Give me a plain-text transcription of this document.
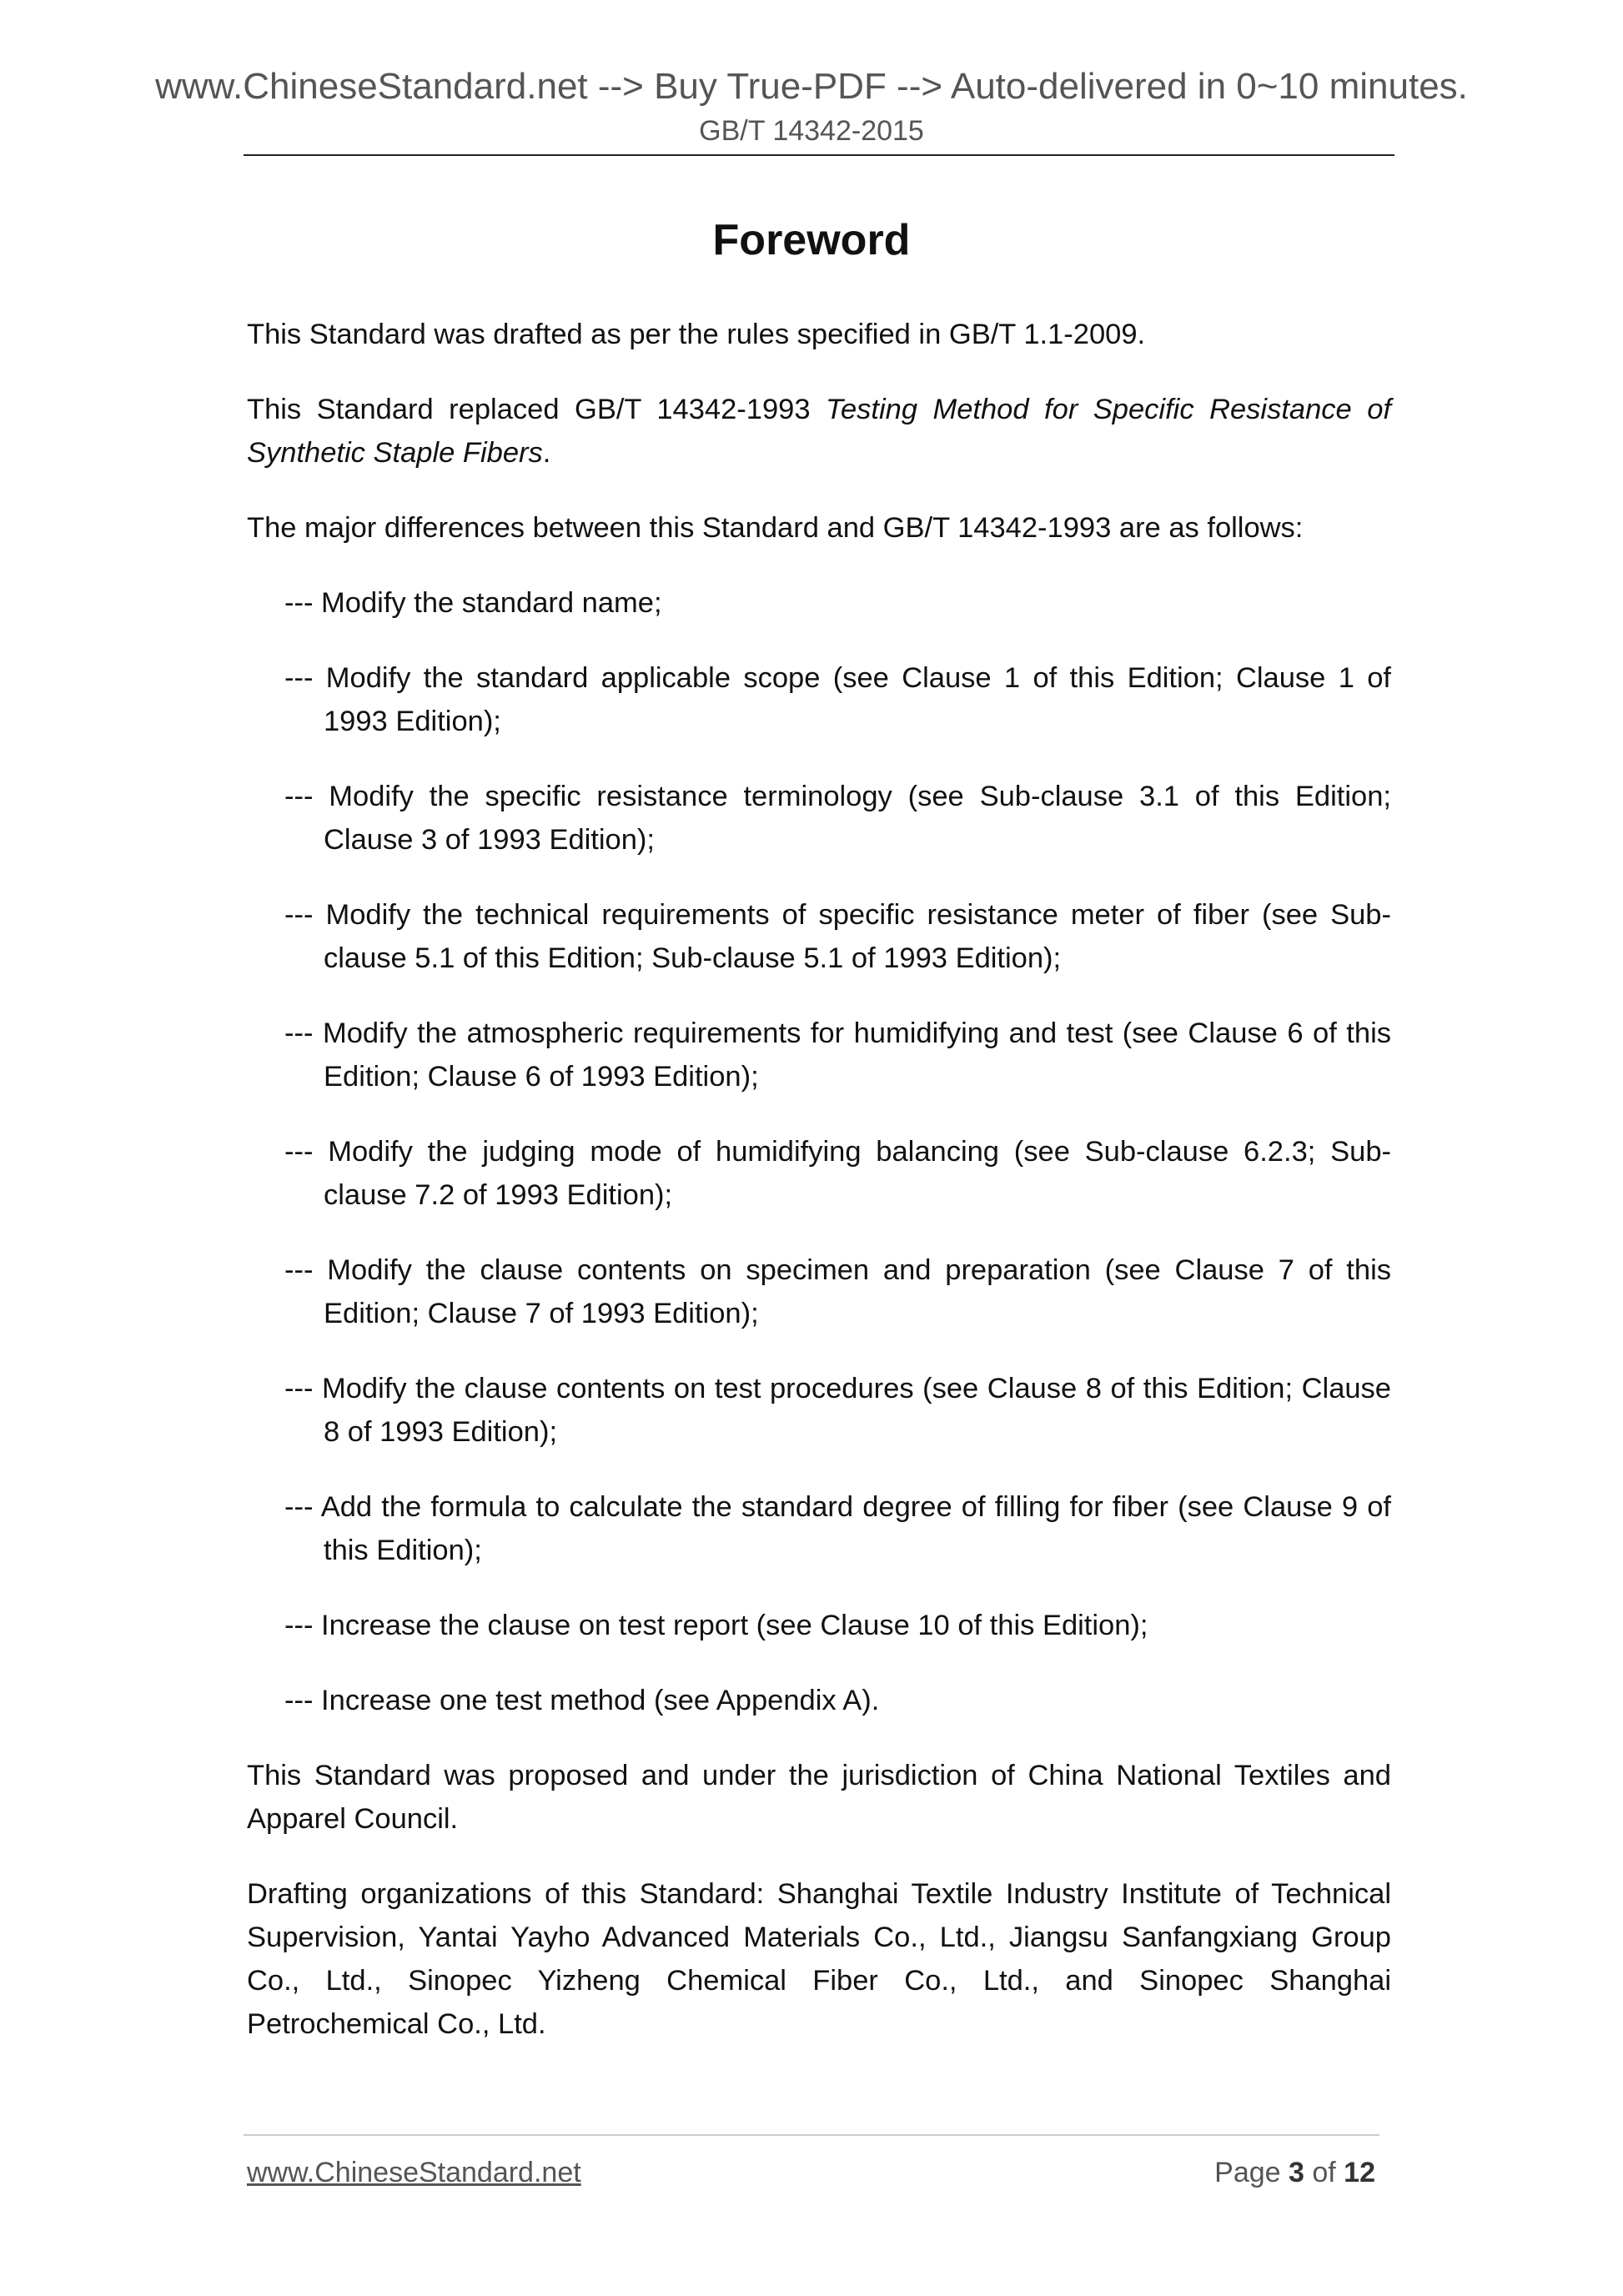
www.ChineseStandard.net --> Buy True-PDF --> Auto-delivered in 0~10 minutes.
GB/T 14342-2015
Foreword

This Standard was drafted as per the rules specified in GB/T 1.1-2009.

This Standard replaced GB/T 14342-1993 Testing Method for Specific Resistance of Synthetic Staple Fibers.

The major differences between this Standard and GB/T 14342-1993 are as follows:

--- Modify the standard name;
--- Modify the standard applicable scope (see Clause 1 of this Edition; Clause 1 of 1993 Edition);
--- Modify the specific resistance terminology (see Sub-clause 3.1 of this Edition; Clause 3 of 1993 Edition);
--- Modify the technical requirements of specific resistance meter of fiber (see Sub-clause 5.1 of this Edition; Sub-clause 5.1 of 1993 Edition);
--- Modify the atmospheric requirements for humidifying and test (see Clause 6 of this Edition; Clause 6 of 1993 Edition);
--- Modify the judging mode of humidifying balancing (see Sub-clause 6.2.3; Sub-clause 7.2 of 1993 Edition);
--- Modify the clause contents on specimen and preparation (see Clause 7 of this Edition; Clause 7 of 1993 Edition);
--- Modify the clause contents on test procedures (see Clause 8 of this Edition; Clause 8 of 1993 Edition);
--- Add the formula to calculate the standard degree of filling for fiber (see Clause 9 of this Edition);
--- Increase the clause on test report (see Clause 10 of this Edition);
--- Increase one test method (see Appendix A).

This Standard was proposed and under the jurisdiction of China National Textiles and Apparel Council.

Drafting organizations of this Standard: Shanghai Textile Industry Institute of Technical Supervision, Yantai Yayho Advanced Materials Co., Ltd., Jiangsu Sanfangxiang Group Co., Ltd., Sinopec Yizheng Chemical Fiber Co., Ltd., and Sinopec Shanghai Petrochemical Co., Ltd.

www.ChineseStandard.net	Page 3 of 12
